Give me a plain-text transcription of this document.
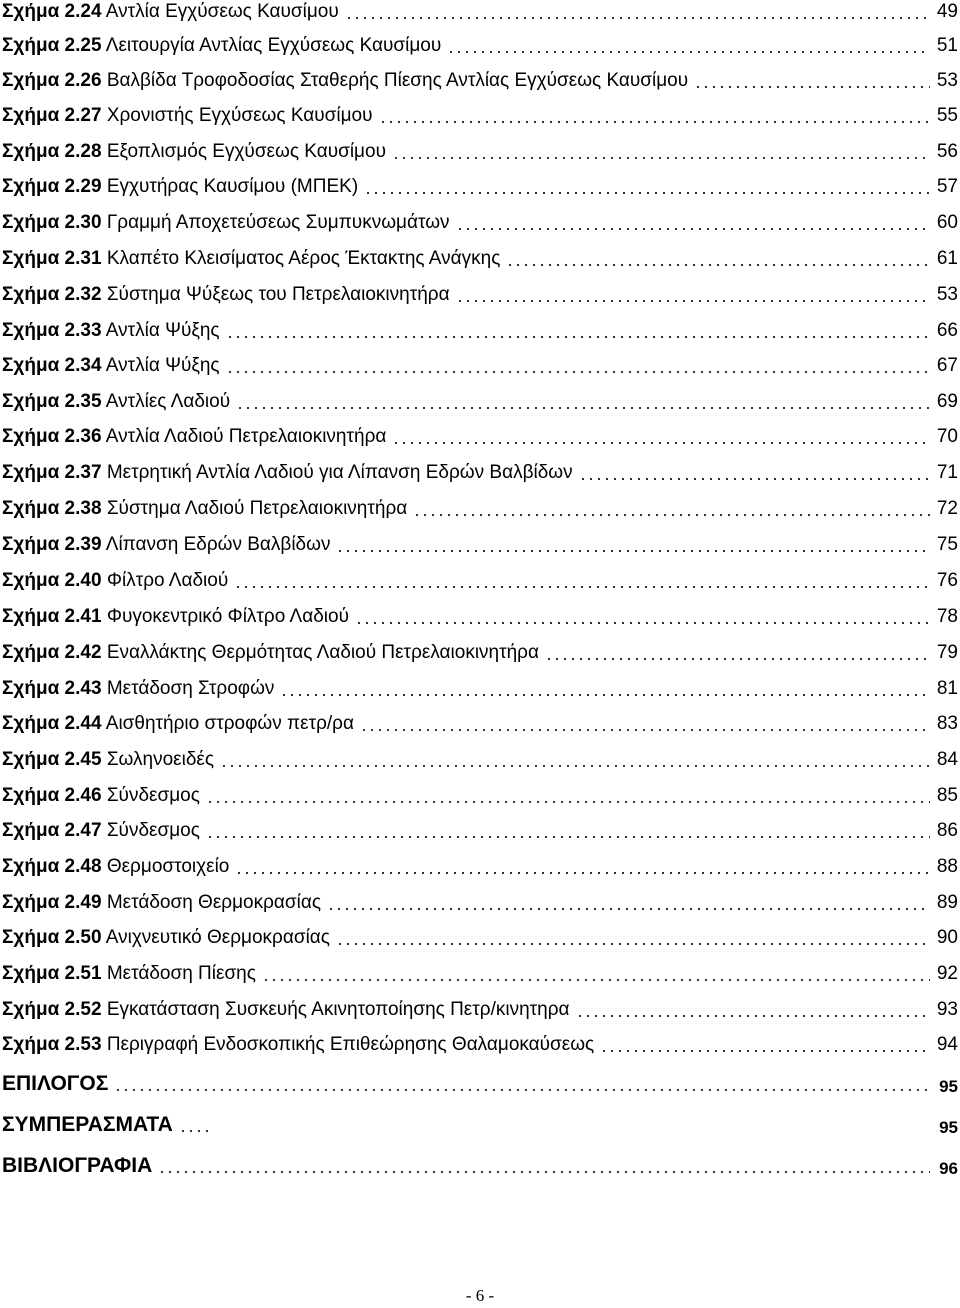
Σχήμα 2.24 Αντλία Εγχύσεως Καυσίμου	49
Σχήμα 2.25 Λειτουργία Αντλίας Εγχύσεως Καυσίμου	51
Σχήμα 2.26 Βαλβίδα Τροφοδοσίας Σταθερής Πίεσης Αντλίας Εγχύσεως Καυσίμου	53
Σχήμα 2.27 Χρονιστής Εγχύσεως Καυσίμου	55
Σχήμα 2.28 Εξοπλισμός Εγχύσεως Καυσίμου	56
Σχήμα 2.29 Εγχυτήρας Καυσίμου (ΜΠΕΚ)	57
Σχήμα 2.30 Γραμμή Αποχετεύσεως Συμπυκνωμάτων	60
Σχήμα 2.31 Κλαπέτο Κλεισίματος Αέρος Έκτακτης Ανάγκης	61
Σχήμα 2.32 Σύστημα Ψύξεως του Πετρελαιοκινητήρα	53
Σχήμα 2.33 Αντλία Ψύξης	66
Σχήμα 2.34 Αντλία Ψύξης	67
Σχήμα 2.35 Αντλίες Λαδιού	69
Σχήμα 2.36 Αντλία Λαδιού Πετρελαιοκινητήρα	70
Σχήμα 2.37 Μετρητική Αντλία Λαδιού για Λίπανση Εδρών Βαλβίδων	71
Σχήμα 2.38 Σύστημα Λαδιού Πετρελαιοκινητήρα	72
Σχήμα 2.39 Λίπανση Εδρών Βαλβίδων	75
Σχήμα 2.40 Φίλτρο Λαδιού	76
Σχήμα 2.41 Φυγοκεντρικό Φίλτρο Λαδιού	78
Σχήμα 2.42 Εναλλάκτης Θερμότητας Λαδιού Πετρελαιοκινητήρα	79
Σχήμα 2.43 Μετάδοση Στροφών	81
Σχήμα 2.44 Αισθητήριο στροφών πετρ/ρα	83
Σχήμα 2.45 Σωληνοειδές	84
Σχήμα 2.46 Σύνδεσμος	85
Σχήμα 2.47 Σύνδεσμος	86
Σχήμα 2.48 Θερμοστοιχείο	88
Σχήμα 2.49 Μετάδοση Θερμοκρασίας	89
Σχήμα 2.50 Ανιχνευτικό Θερμοκρασίας	90
Σχήμα 2.51 Μετάδοση Πίεσης	92
Σχήμα 2.52 Εγκατάσταση Συσκευής Ακινητοποίησης Πετρ/κινητηρα	93
Σχήμα 2.53 Περιγραφή Ενδοσκοπικής Επιθεώρησης Θαλαμοκαύσεως	94
ΕΠΙΛΟΓΟΣ	95
ΣΥΜΠΕΡΑΣΜΑΤΑ	95
ΒΙΒΛΙΟΓΡΑΦΙΑ	96
- 6 -
